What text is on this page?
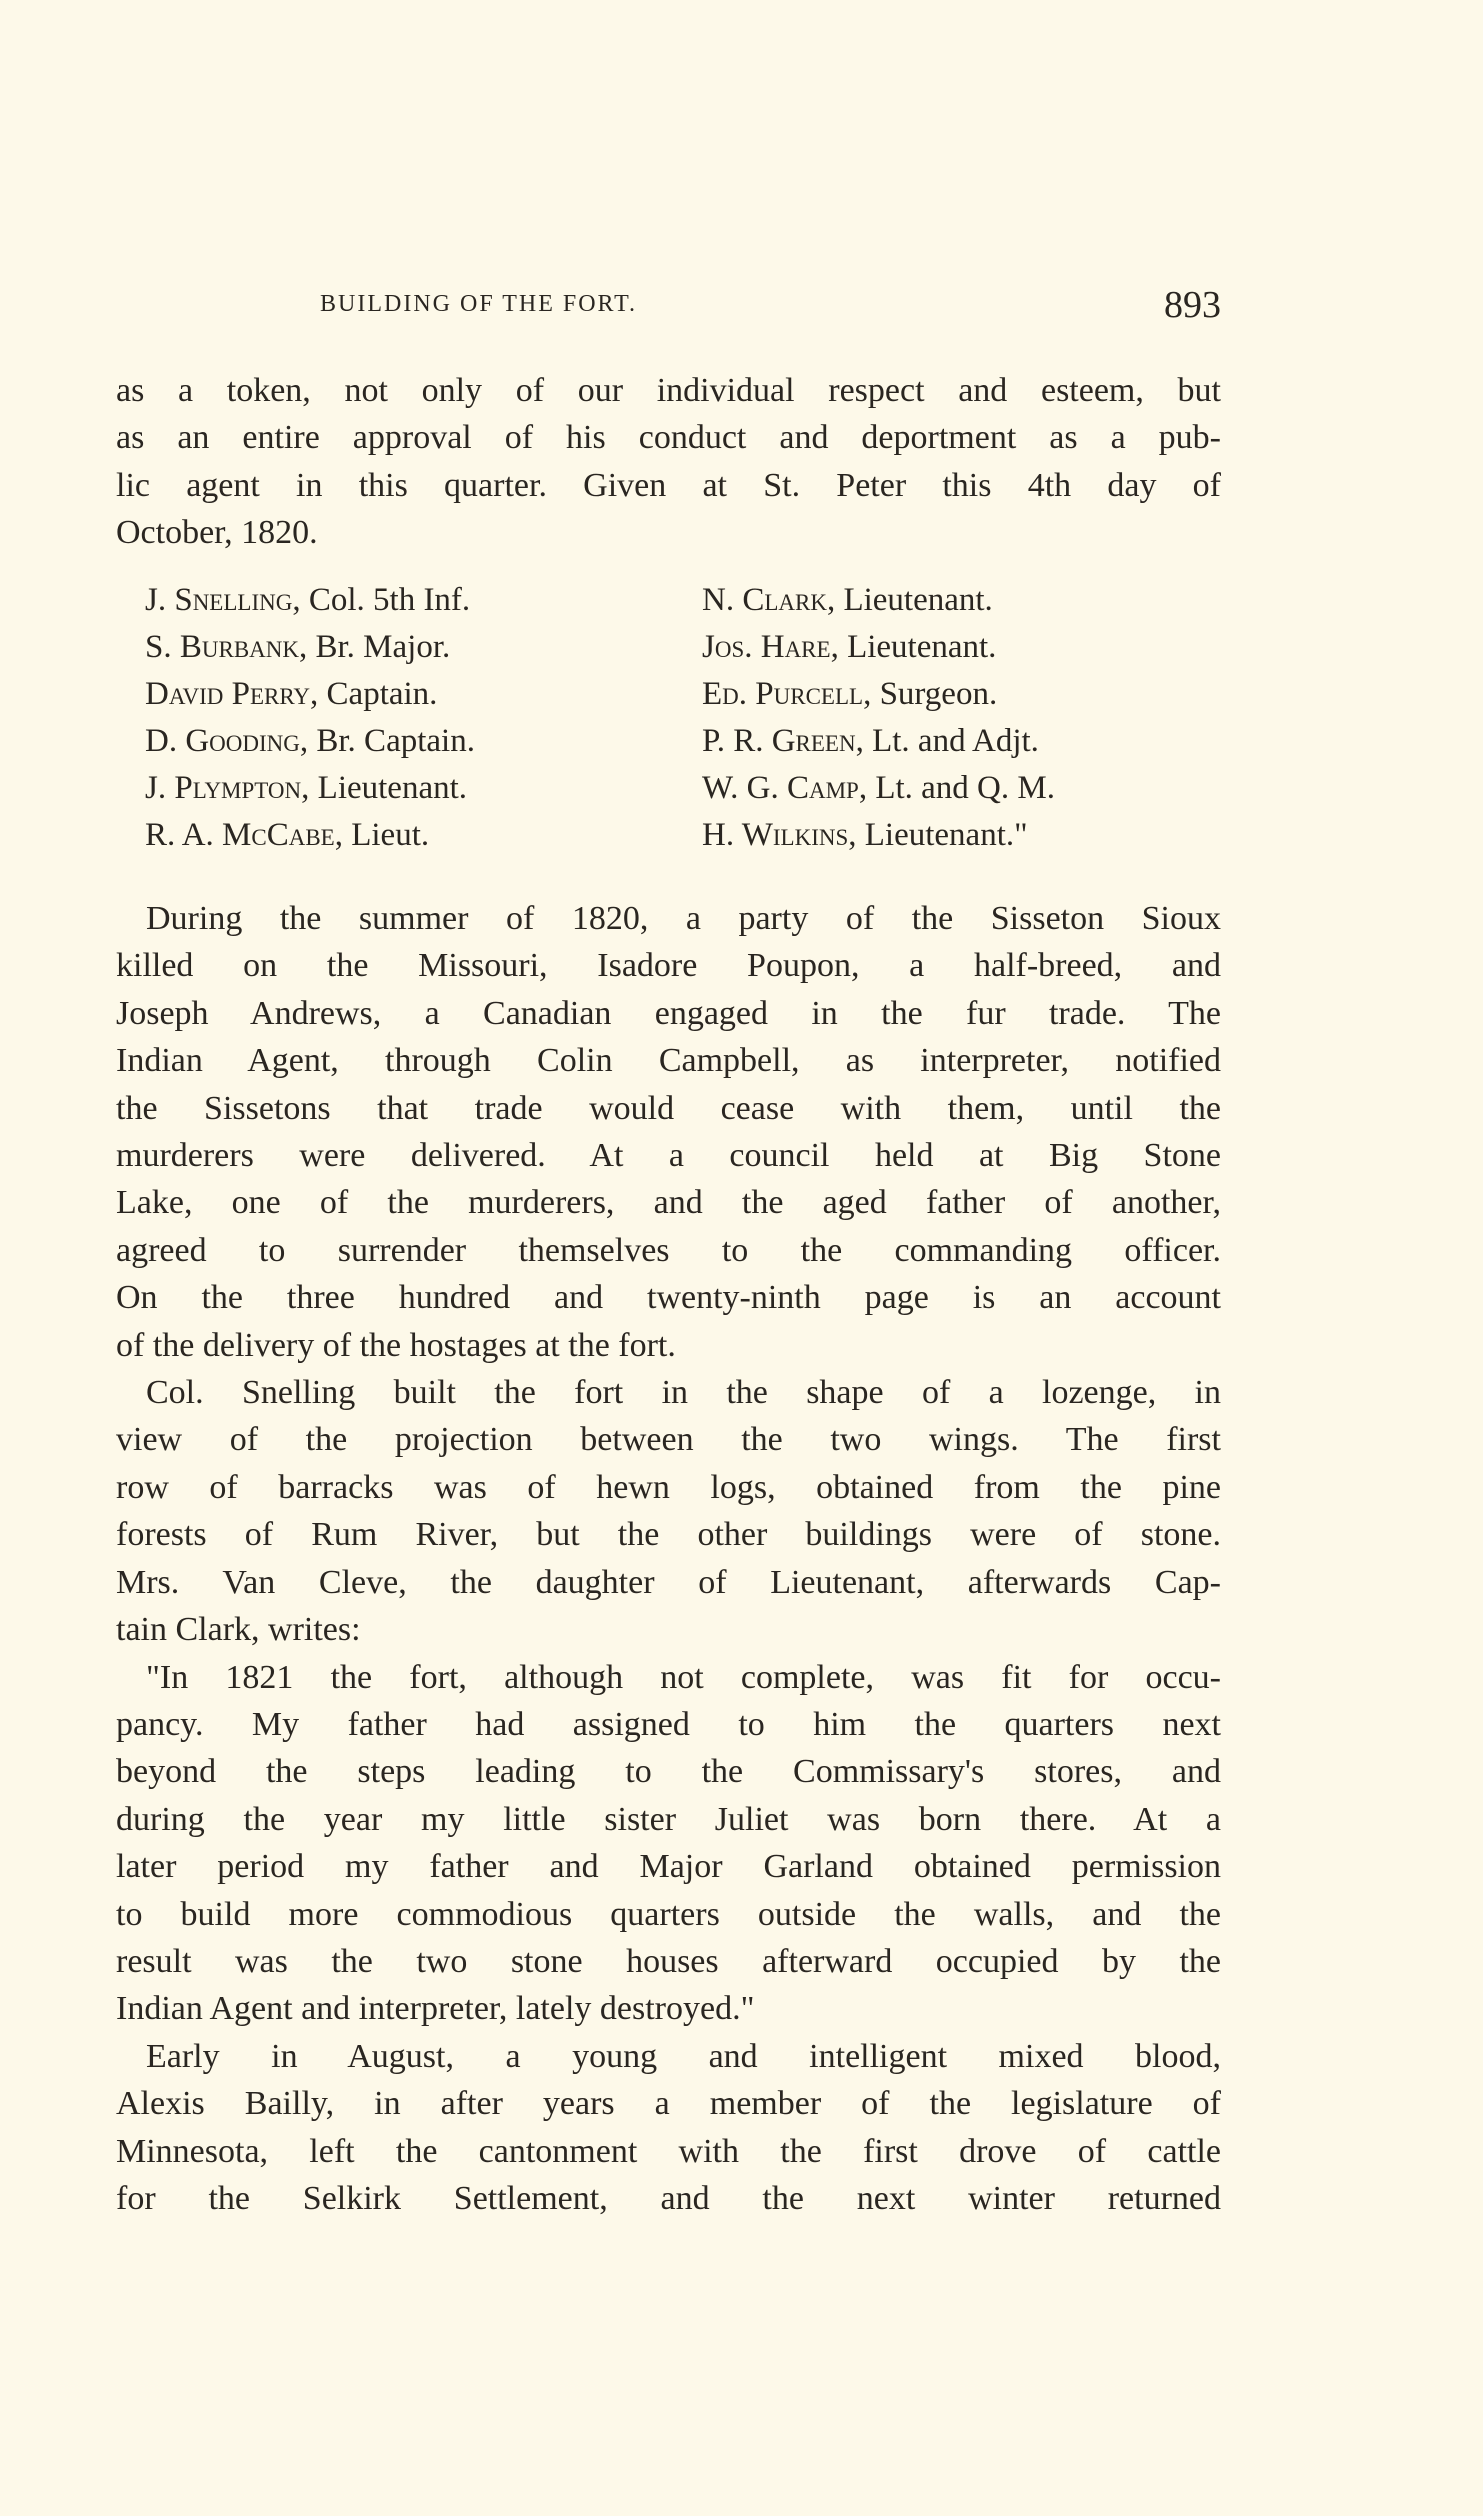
BUILDING OF THE FORT.	893
as a token, not only of our individual respect and esteem, but
as an entire approval of his conduct and deportment as a pub-
lic agent in this quarter. Given at St. Peter this 4th day of
October, 1820.
J. Snelling, Col. 5th Inf.
S. Burbank, Br. Major.
David Perry, Captain.
D. Gooding, Br. Captain.
J. Plympton, Lieutenant.
R. A. McCabe, Lieut.
N. Clark, Lieutenant.
Jos. Hare, Lieutenant.
Ed. Purcell, Surgeon.
P. R. Green, Lt. and Adjt.
W. G. Camp, Lt. and Q. M.
H. Wilkins, Lieutenant."
During the summer of 1820, a party of the Sisseton Sioux
killed on the Missouri, Isadore Poupon, a half-breed, and
Joseph Andrews, a Canadian engaged in the fur trade. The
Indian Agent, through Colin Campbell, as interpreter, notified
the Sissetons that trade would cease with them, until the
murderers were delivered. At a council held at Big Stone
Lake, one of the murderers, and the aged father of another,
agreed to surrender themselves to the commanding officer.
On the three hundred and twenty-ninth page is an account
of the delivery of the hostages at the fort.
Col. Snelling built the fort in the shape of a lozenge, in
view of the projection between the two wings. The first
row of barracks was of hewn logs, obtained from the pine
forests of Rum River, but the other buildings were of stone.
Mrs. Van Cleve, the daughter of Lieutenant, afterwards Cap-
tain Clark, writes:
"In 1821 the fort, although not complete, was fit for occu-
pancy. My father had assigned to him the quarters next
beyond the steps leading to the Commissary's stores, and
during the year my little sister Juliet was born there. At a
later period my father and Major Garland obtained permission
to build more commodious quarters outside the walls, and the
result was the two stone houses afterward occupied by the
Indian Agent and interpreter, lately destroyed."
Early in August, a young and intelligent mixed blood,
Alexis Bailly, in after years a member of the legislature of
Minnesota, left the cantonment with the first drove of cattle
for the Selkirk Settlement, and the next winter returned
